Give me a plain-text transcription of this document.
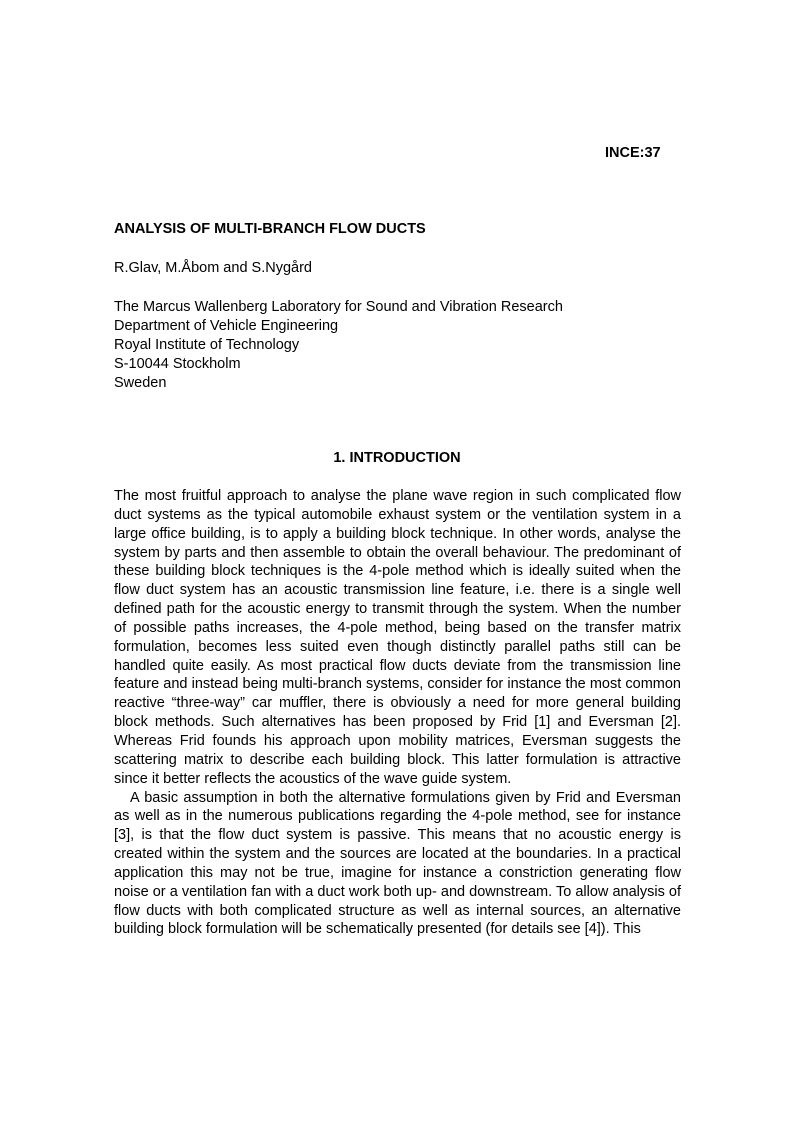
INCE:37
ANALYSIS OF MULTI-BRANCH FLOW DUCTS
R.Glav, M.Åbom and S.Nygård
The Marcus Wallenberg Laboratory for Sound and Vibration Research
Department of Vehicle Engineering
Royal Institute of Technology
S-10044 Stockholm
Sweden
1. INTRODUCTION

The most fruitful approach to analyse the plane wave region in such complicated flow duct systems as the typical automobile exhaust system or the ventilation system in a large office building, is to apply a building block technique. In other words, analyse the system by parts and then assemble to obtain the overall behaviour. The predominant of these building block techniques is the 4-pole method which is ideally suited when the flow duct system has an acoustic transmission line feature, i.e. there is a single well defined path for the acoustic energy to transmit through the system. When the number of possible paths increases, the 4-pole method, being based on the transfer matrix formulation, becomes less suited even though distinctly parallel paths still can be handled quite easily. As most practical flow ducts deviate from the transmission line feature and instead being multi-branch systems, consider for instance the most common reactive “three-way” car muffler, there is obviously a need for more general building block methods. Such alternatives has been proposed by Frid [1] and Eversman [2]. Whereas Frid founds his approach upon mobility matrices, Eversman suggests the scattering matrix to describe each building block. This latter formulation is attractive since it better reflects the acoustics of the wave guide system.

A basic assumption in both the alternative formulations given by Frid and Eversman as well as in the numerous publications regarding the 4-pole method, see for instance [3], is that the flow duct system is passive. This means that no acoustic energy is created within the system and the sources are located at the boundaries. In a practical application this may not be true, imagine for instance a constriction generating flow noise or a ventilation fan with a duct work both up- and downstream. To allow analysis of flow ducts with both complicated structure as well as internal sources, an alternative building block formulation will be schematically presented (for details see [4]). This
